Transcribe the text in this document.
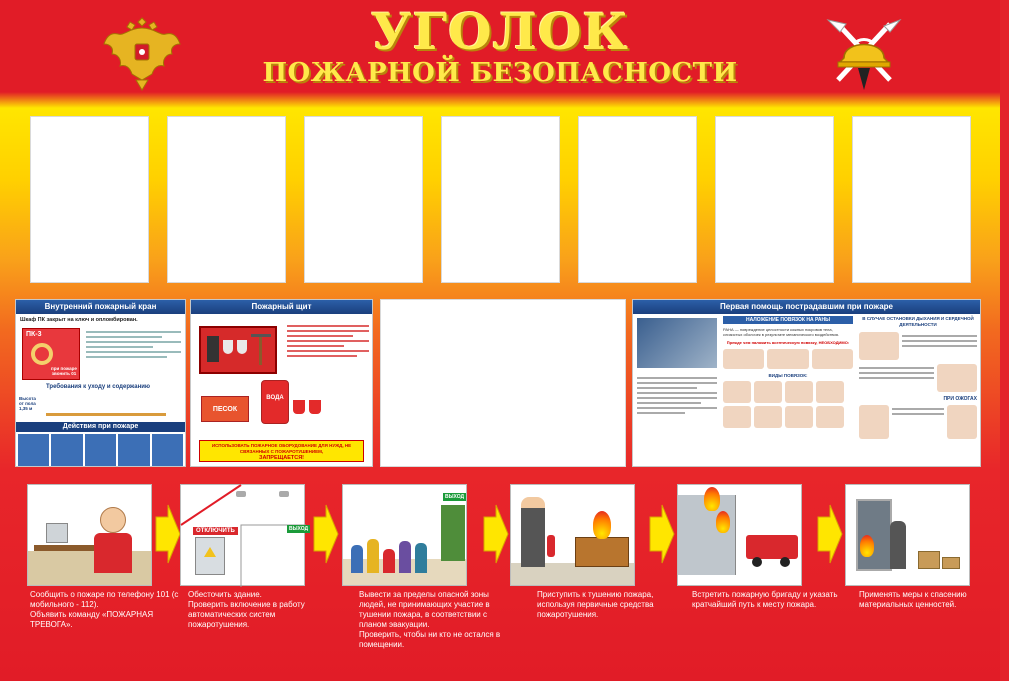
УГОЛОК
ПОЖАРНОЙ БЕЗОПАСНОСТИ
Внутренний пожарный кран
Шкаф ПК закрыт на ключ и опломбирован.
ПК-3
при пожаре звонить 01
Требования к уходу и содержанию
Высота от пола 1,35 м
Действия при пожаре
Пожарный щит
ПЕСОК
ВОДА
ИСПОЛЬЗОВАТЬ ПОЖАРНОЕ ОБОРУДОВАНИЕ ДЛЯ НУЖД, НЕ СВЯЗАННЫХ С ПОЖАРОТУШЕНИЕМ,
ЗАПРЕЩАЕТСЯ!
Первая помощь пострадавшим при пожаре
НАЛОЖЕНИЕ ПОВЯЗОК НА РАНЫ
РАНА — повреждение целостности кожных покровов тела, слизистых оболочек в результате механического воздействия.
Прежде чем наложить асептическую повязку, НЕОБХОДИМО:
ВИДЫ ПОВЯЗОК:
В СЛУЧАЕ ОСТАНОВКИ ДЫХАНИЯ И СЕРДЕЧНОЙ ДЕЯТЕЛЬНОСТИ
ПРИ ОЖОГАХ
Сообщить о пожаре по телефону 101 (с мобильного - 112).
Объявить команду «ПОЖАРНАЯ ТРЕВОГА».
ОТКЛЮЧИТЬ	ВЫХОД
Обесточить здание.
Проверить включение в работу автоматических систем пожаротушения.
ВЫХОД
Вывести за пределы опасной зоны людей, не принимающих участие в тушении пожара, в соответствии с планом эвакуации.
Проверить, чтобы ни кто не остался в помещении.
Приступить к тушению пожара, используя первичные средства пожаротушения.
Встретить пожарную бригаду и указать кратчайший путь к месту пожара.
Применять меры к спасению материальных ценностей.
